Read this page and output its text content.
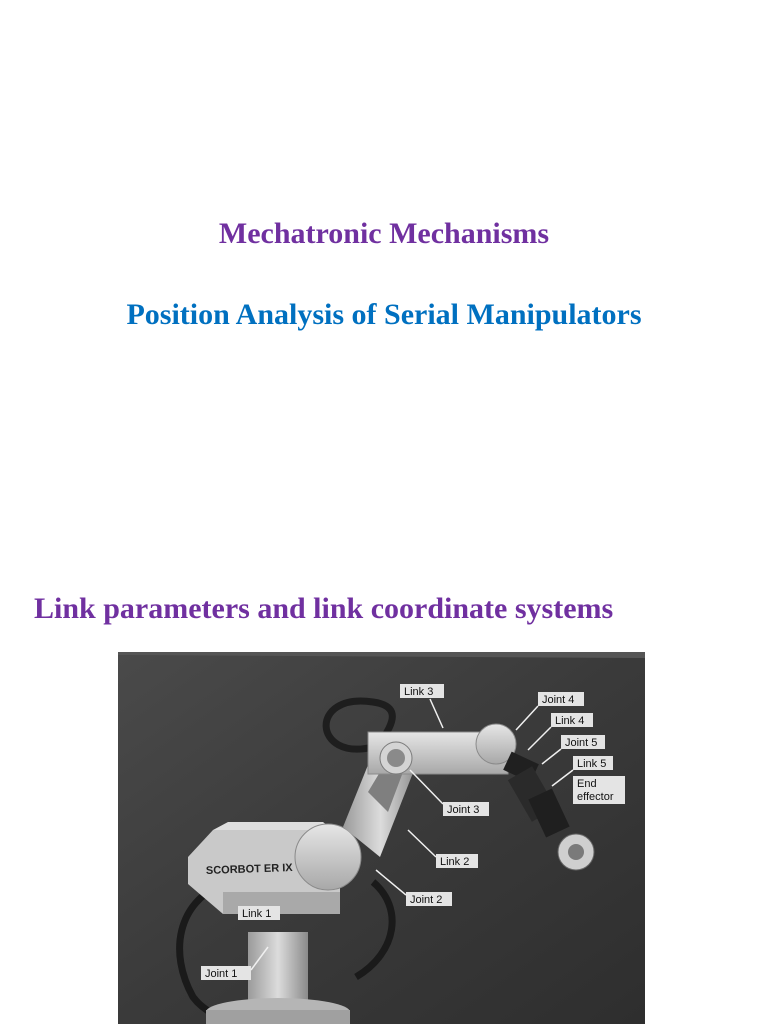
Mechatronic Mechanisms
Position Analysis of Serial Manipulators
Link parameters and link coordinate systems
SCORBOT ER IX
Link 3
Joint 4
Link 4
Joint 5
Link 5
End
effector
Joint 3
Link 2
Joint 2
Link 1
Joint 1
